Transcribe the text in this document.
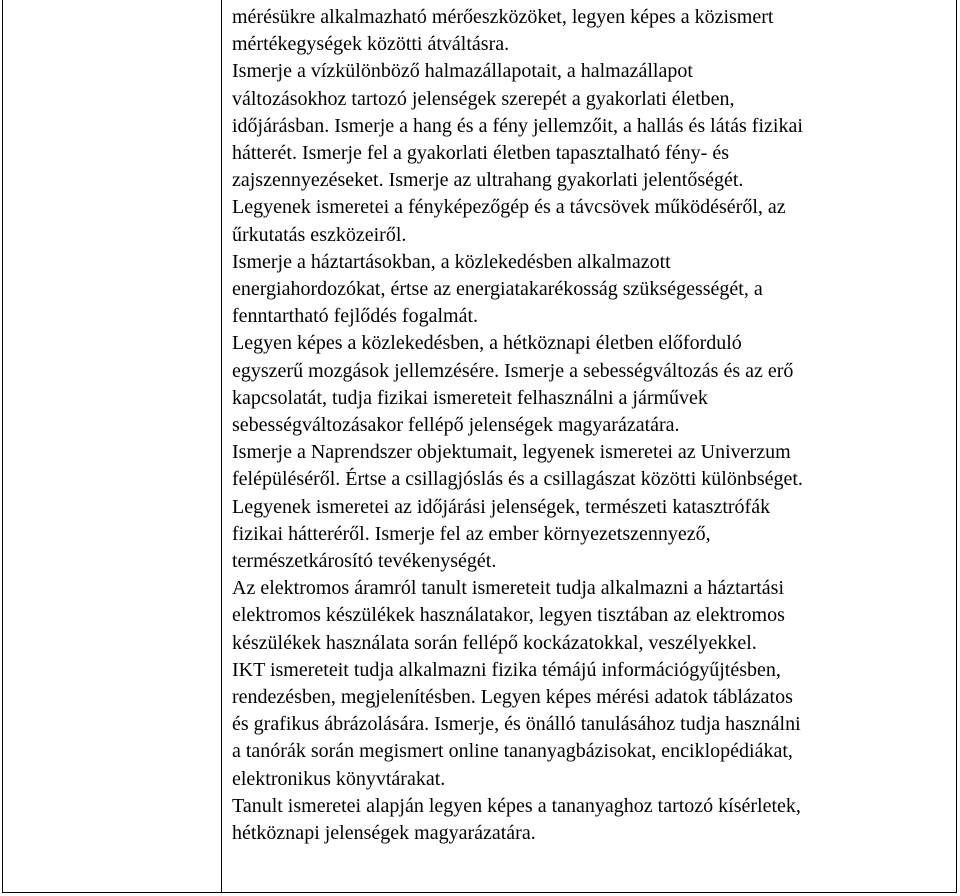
mérésükre alkalmazható mérőeszközöket, legyen képes a közismert
mértékegységek közötti átváltásra.

Ismerje a vízkülönböző halmazállapotait, a halmazállapot
változásokhoz tartozó jelenségek szerepét a gyakorlati életben,
időjárásban. Ismerje a hang és a fény jellemzőit, a hallás és látás fizikai
hátterét. Ismerje fel a gyakorlati életben tapasztalható fény- és
zajszennyezéseket. Ismerje az ultrahang gyakorlati jelentőségét.
Legyenek ismeretei a fényképezőgép és a távcsövek működéséről, az
űrkutatás eszközeiről.

Ismerje a háztartásokban, a közlekedésben alkalmazott
energiahordozókat, értse az energiatakarékosság szükségességét, a
fenntartható fejlődés fogalmát.

Legyen képes a közlekedésben, a hétköznapi életben előforduló
egyszerű mozgások jellemzésére. Ismerje a sebességváltozás és az erő
kapcsolatát, tudja fizikai ismereteit felhasználni a járművek
sebességváltozásakor fellépő jelenségek magyarázatára.

Ismerje a Naprendszer objektumait, legyenek ismeretei az Univerzum
felépüléséről. Értse a csillagjóslás és a csillagászat közötti különbséget.
Legyenek ismeretei az időjárási jelenségek, természeti katasztrófák
fizikai hátteréről. Ismerje fel az ember környezetszennyező,
természetkárosító tevékenységét.

Az elektromos áramról tanult ismereteit tudja alkalmazni a háztartási
elektromos készülékek használatakor, legyen tisztában az elektromos
készülékek használata során fellépő kockázatokkal, veszélyekkel.

IKT ismereteit tudja alkalmazni fizika témájú információgyűjtésben,
rendezésben, megjelenítésben. Legyen képes mérési adatok táblázatos
és grafikus ábrázolására. Ismerje, és önálló tanulásához tudja használni
a tanórák során megismert online tananyagbázisokat, enciklopédiákat,
elektronikus könyvtárakat.

Tanult ismeretei alapján legyen képes a tananyaghoz tartozó kísérletek,
hétköznapi jelenségek magyarázatára.
